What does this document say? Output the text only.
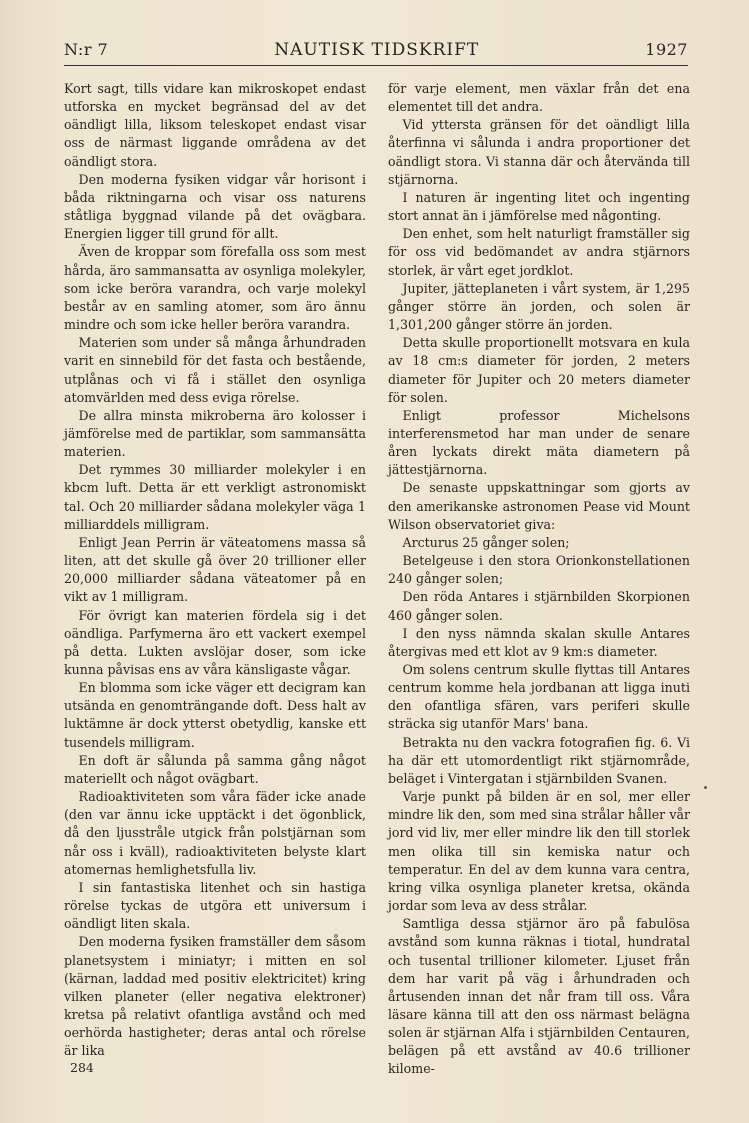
N:r 7	NAUTISK TIDSKRIFT	1927

Kort sagt, tills vidare kan mikroskopet endast utforska en mycket begränsad del av det oändligt lilla, liksom teleskopet endast visar oss de närmast liggande områdena av det oändligt stora.

Den moderna fysiken vidgar vår horisont i båda riktningarna och visar oss naturens ståtliga byggnad vilande på det ovägbara. Energien ligger till grund för allt.

Även de kroppar som förefalla oss som mest hårda, äro sammansatta av osynliga molekyler, som icke beröra varandra, och varje molekyl består av en samling atomer, som äro ännu mindre och som icke heller beröra varandra.

Materien som under så många århundraden varit en sinnebild för det fasta och bestående, utplånas och vi få i stället den osynliga atomvärlden med dess eviga rörelse.

De allra minsta mikroberna äro kolosser i jämförelse med de partiklar, som sammansätta materien.

Det rymmes 30 milliarder molekyler i en kbcm luft. Detta är ett verkligt astronomiskt tal. Och 20 milliarder sådana molekyler väga 1 milliarddels milligram.

Enligt Jean Perrin är väteatomens massa så liten, att det skulle gå över 20 trillioner eller 20,000 milliarder sådana väteatomer på en vikt av 1 milligram.

För övrigt kan materien fördela sig i det oändliga. Parfymerna äro ett vackert exempel på detta. Lukten avslöjar doser, som icke kunna påvisas ens av våra känsligaste vågar.

En blomma som icke väger ett decigram kan utsända en genomträngande doft. Dess halt av luktämne är dock ytterst obetydlig, kanske ett tusendels milligram.

En doft är sålunda på samma gång något materiellt och något ovägbart.

Radioaktiviteten som våra fäder icke anade (den var ännu icke upptäckt i det ögonblick, då den ljusstråle utgick från polstjärnan som når oss i kväll), radioaktiviteten belyste klart atomernas hemlighetsfulla liv.

I sin fantastiska litenhet och sin hastiga rörelse tyckas de utgöra ett universum i oändligt liten skala.

Den moderna fysiken framställer dem såsom planetsystem i miniatyr; i mitten en sol (kärnan, laddad med positiv elektricitet) kring vilken planeter (eller negativa elektroner) kretsa på relativt ofantliga avstånd och med oerhörda hastigheter; deras antal och rörelse är lika

för varje element, men växlar från det ena elementet till det andra.

Vid yttersta gränsen för det oändligt lilla återfinna vi sålunda i andra proportioner det oändligt stora. Vi stanna där och återvända till stjärnorna.

I naturen är ingenting litet och ingenting stort annat än i jämförelse med någonting.

Den enhet, som helt naturligt framställer sig för oss vid bedömandet av andra stjärnors storlek, är vårt eget jordklot.

Jupiter, jätteplaneten i vårt system, är 1,295 gånger större än jorden, och solen är 1,301,200 gånger större än jorden.

Detta skulle proportionellt motsvara en kula av 18 cm:s diameter för jorden, 2 meters diameter för Jupiter och 20 meters diameter för solen.

Enligt professor Michelsons interferensmetod har man under de senare åren lyckats direkt mäta diametern på jättestjärnorna.

De senaste uppskattningar som gjorts av den amerikanske astronomen Pease vid Mount Wilson observatoriet giva:

Arcturus 25 gånger solen;

Betelgeuse i den stora Orionkonstellationen 240 gånger solen;

Den röda Antares i stjärnbilden Skorpionen 460 gånger solen.

I den nyss nämnda skalan skulle Antares återgivas med ett klot av 9 km:s diameter.

Om solens centrum skulle flyttas till Antares centrum komme hela jordbanan att ligga inuti den ofantliga sfären, vars periferi skulle sträcka sig utanför Mars' bana.

Betrakta nu den vackra fotografien fig. 6. Vi ha där ett utomordentligt rikt stjärnområde, beläget i Vintergatan i stjärnbilden Svanen.

Varje punkt på bilden är en sol, mer eller mindre lik den, som med sina strålar håller vår jord vid liv, mer eller mindre lik den till storlek men olika till sin kemiska natur och temperatur. En del av dem kunna vara centra, kring vilka osynliga planeter kretsa, okända jordar som leva av dess strålar.

Samtliga dessa stjärnor äro på fabulösa avstånd som kunna räknas i tiotal, hundratal och tusental trillioner kilometer. Ljuset från dem har varit på väg i århundraden och årtusenden innan det når fram till oss. Våra läsare känna till att den oss närmast belägna solen är stjärnan Alfa i stjärnbilden Centauren, belägen på ett avstånd av 40.6 trillioner kilome-

284
